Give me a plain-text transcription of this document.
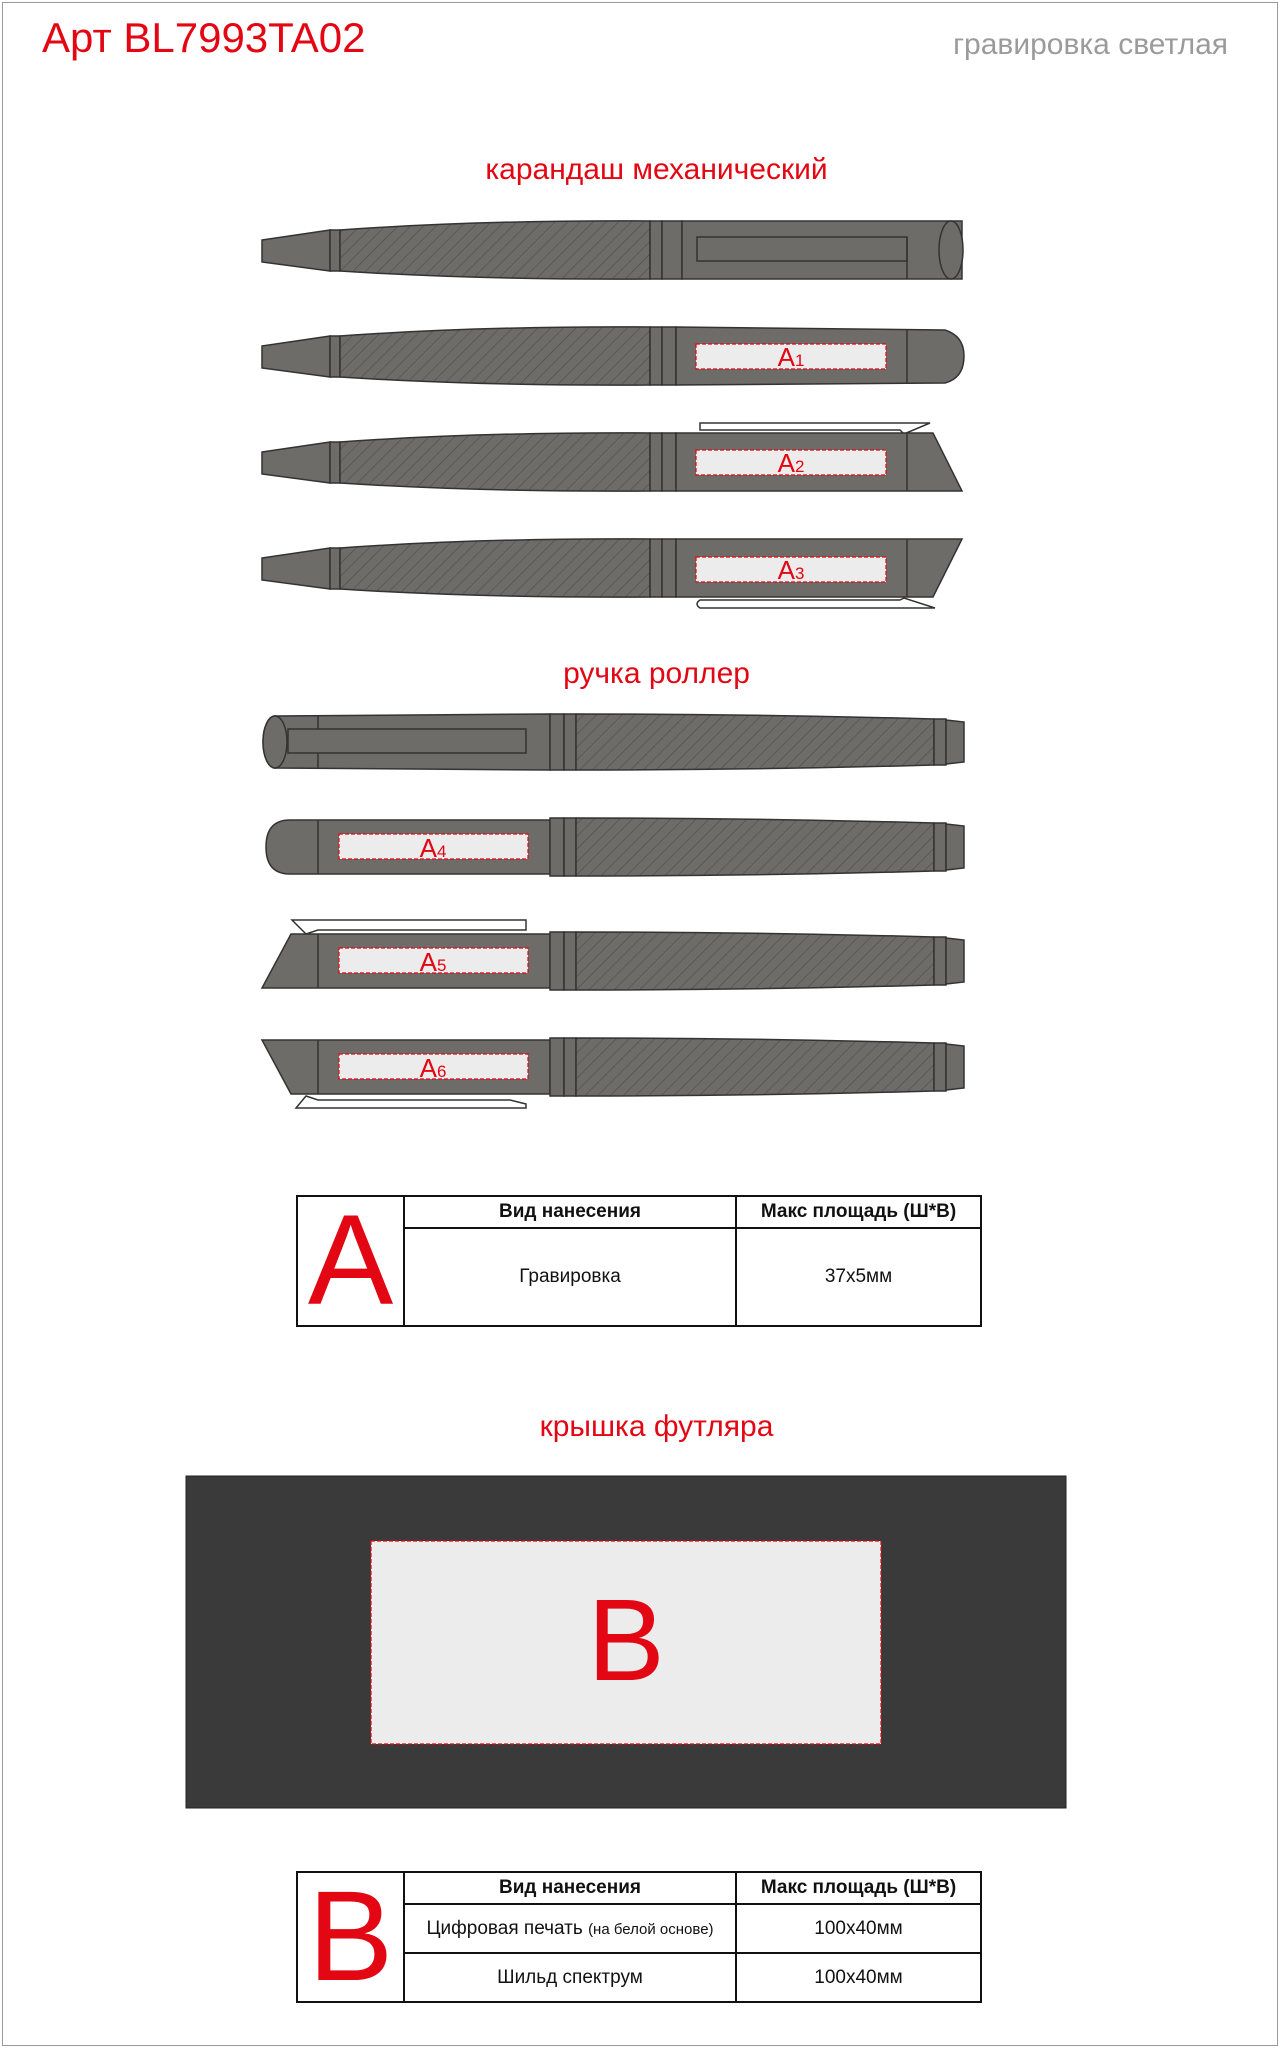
Арт BL7993TA02	гравировка светлая
карандаш механический
ручка роллер
крышка футляра
A1
A2
A3
A4
A5
A6
B
A	Вид нанесения	Макс площадь (Ш*В)
	Гравировка	37x5мм
B	Вид нанесения	Макс площадь (Ш*В)
	Цифровая печать (на белой основе)	100x40мм
	Шильд спектрум	100x40мм
